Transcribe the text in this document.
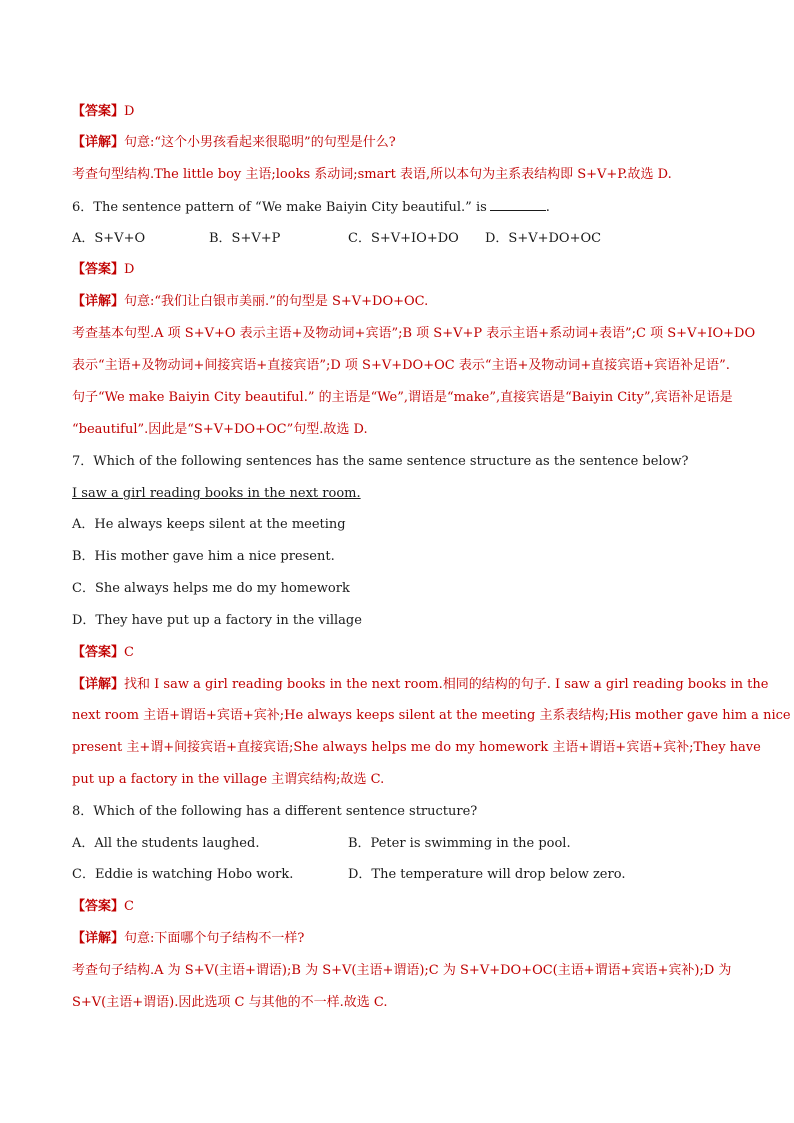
【答案】D
【详解】句意:“这个小男孩看起来很聪明”的句型是什么?
考查句型结构.The little boy 主语;looks 系动词;smart 表语,所以本句为主系表结构即 S+V+P.故选 D.
6．The sentence pattern of “We make Baiyin City beautiful.” is	.
A．S+V+O	B．S+V+P	C．S+V+IO+DO D．S+V+DO+OC
【答案】D
【详解】句意:“我们让白银市美丽.”的句型是 S+V+DO+OC.
考查基本句型.A 项 S+V+O 表示主语+及物动词+宾语”;B 项 S+V+P 表示主语+系动词+表语”;C 项 S+V+IO+DO
表示“主语+及物动词+间接宾语+直接宾语”;D 项 S+V+DO+OC 表示“主语+及物动词+直接宾语+宾语补足语”.
句子“We make Baiyin City beautiful.” 的主语是“We”,谓语是“make”,直接宾语是“Baiyin City”,宾语补足语是
“beautiful”.因此是“S+V+DO+OC”句型.故选 D.
7．Which of the following sentences has the same sentence structure as the sentence below?
I saw a girl reading books in the next room.
A．He always keeps silent at the meeting
B．His mother gave him a nice present.
C．She always helps me do my homework
D．They have put up a factory in the village
【答案】C
【详解】找和 I saw a girl reading books in the next room.相同的结构的句子. I saw a girl reading books in the
next room 主语+谓语+宾语+宾补;He always keeps silent at the meeting 主系表结构;His mother gave him a nice
present 主+谓+间接宾语+直接宾语;She always helps me do my homework 主语+谓语+宾语+宾补;They have
put up a factory in the village 主谓宾结构;故选 C.
8．Which of the following has a different sentence structure?
A．All the students laughed.	B．Peter is swimming in the pool.
C．Eddie is watching Hobo work.	D．The temperature will drop below zero.
【答案】C
【详解】句意:下面哪个句子结构不一样?
考查句子结构.A 为 S+V(主语+谓语);B 为 S+V(主语+谓语);C 为 S+V+DO+OC(主语+谓语+宾语+宾补);D 为
S+V(主语+谓语).因此选项 C 与其他的不一样.故选 C.
